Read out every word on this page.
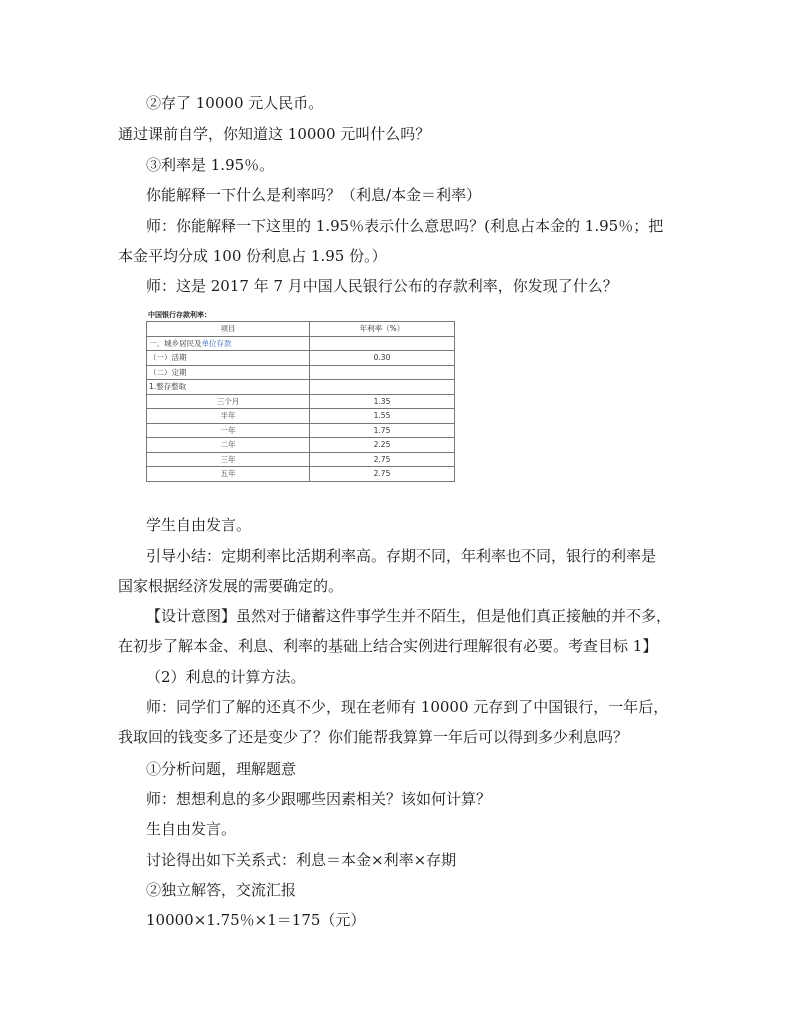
②存了 10000 元人民币。

通过课前自学，你知道这 10000 元叫什么吗？

③利率是 1.95％。

你能解释一下什么是利率吗？（利息/本金＝利率）

师：你能解释一下这里的 1.95％表示什么意思吗？(利息占本金的 1.95％；把

本金平均分成 100 份利息占 1.95 份。）

师：这是 2017 年 7 月中国人民银行公布的存款利率，你发现了什么？

中国银行存款利率：
项目	年利率（%）
一、城乡居民及单位存款	
（一）活期	0.30
（二）定期	
1.整存整取	
三个月	1.35
半年	1.55
一年	1.75
二年	2.25
三年	2.75
五年	2.75

学生自由发言。

引导小结：定期利率比活期利率高。存期不同，年利率也不同，银行的利率是

国家根据经济发展的需要确定的。

【设计意图】虽然对于储蓄这件事学生并不陌生，但是他们真正接触的并不多，

在初步了解本金、利息、利率的基础上结合实例进行理解很有必要。考查目标 1】

（2）利息的计算方法。

师：同学们了解的还真不少，现在老师有 10000 元存到了中国银行，一年后，

我取回的钱变多了还是变少了？你们能帮我算算一年后可以得到多少利息吗？

①分析问题，理解题意

师：想想利息的多少跟哪些因素相关？该如何计算？

生自由发言。

讨论得出如下关系式：利息＝本金×利率×存期

②独立解答，交流汇报

10000×1.75％×1＝175（元）
